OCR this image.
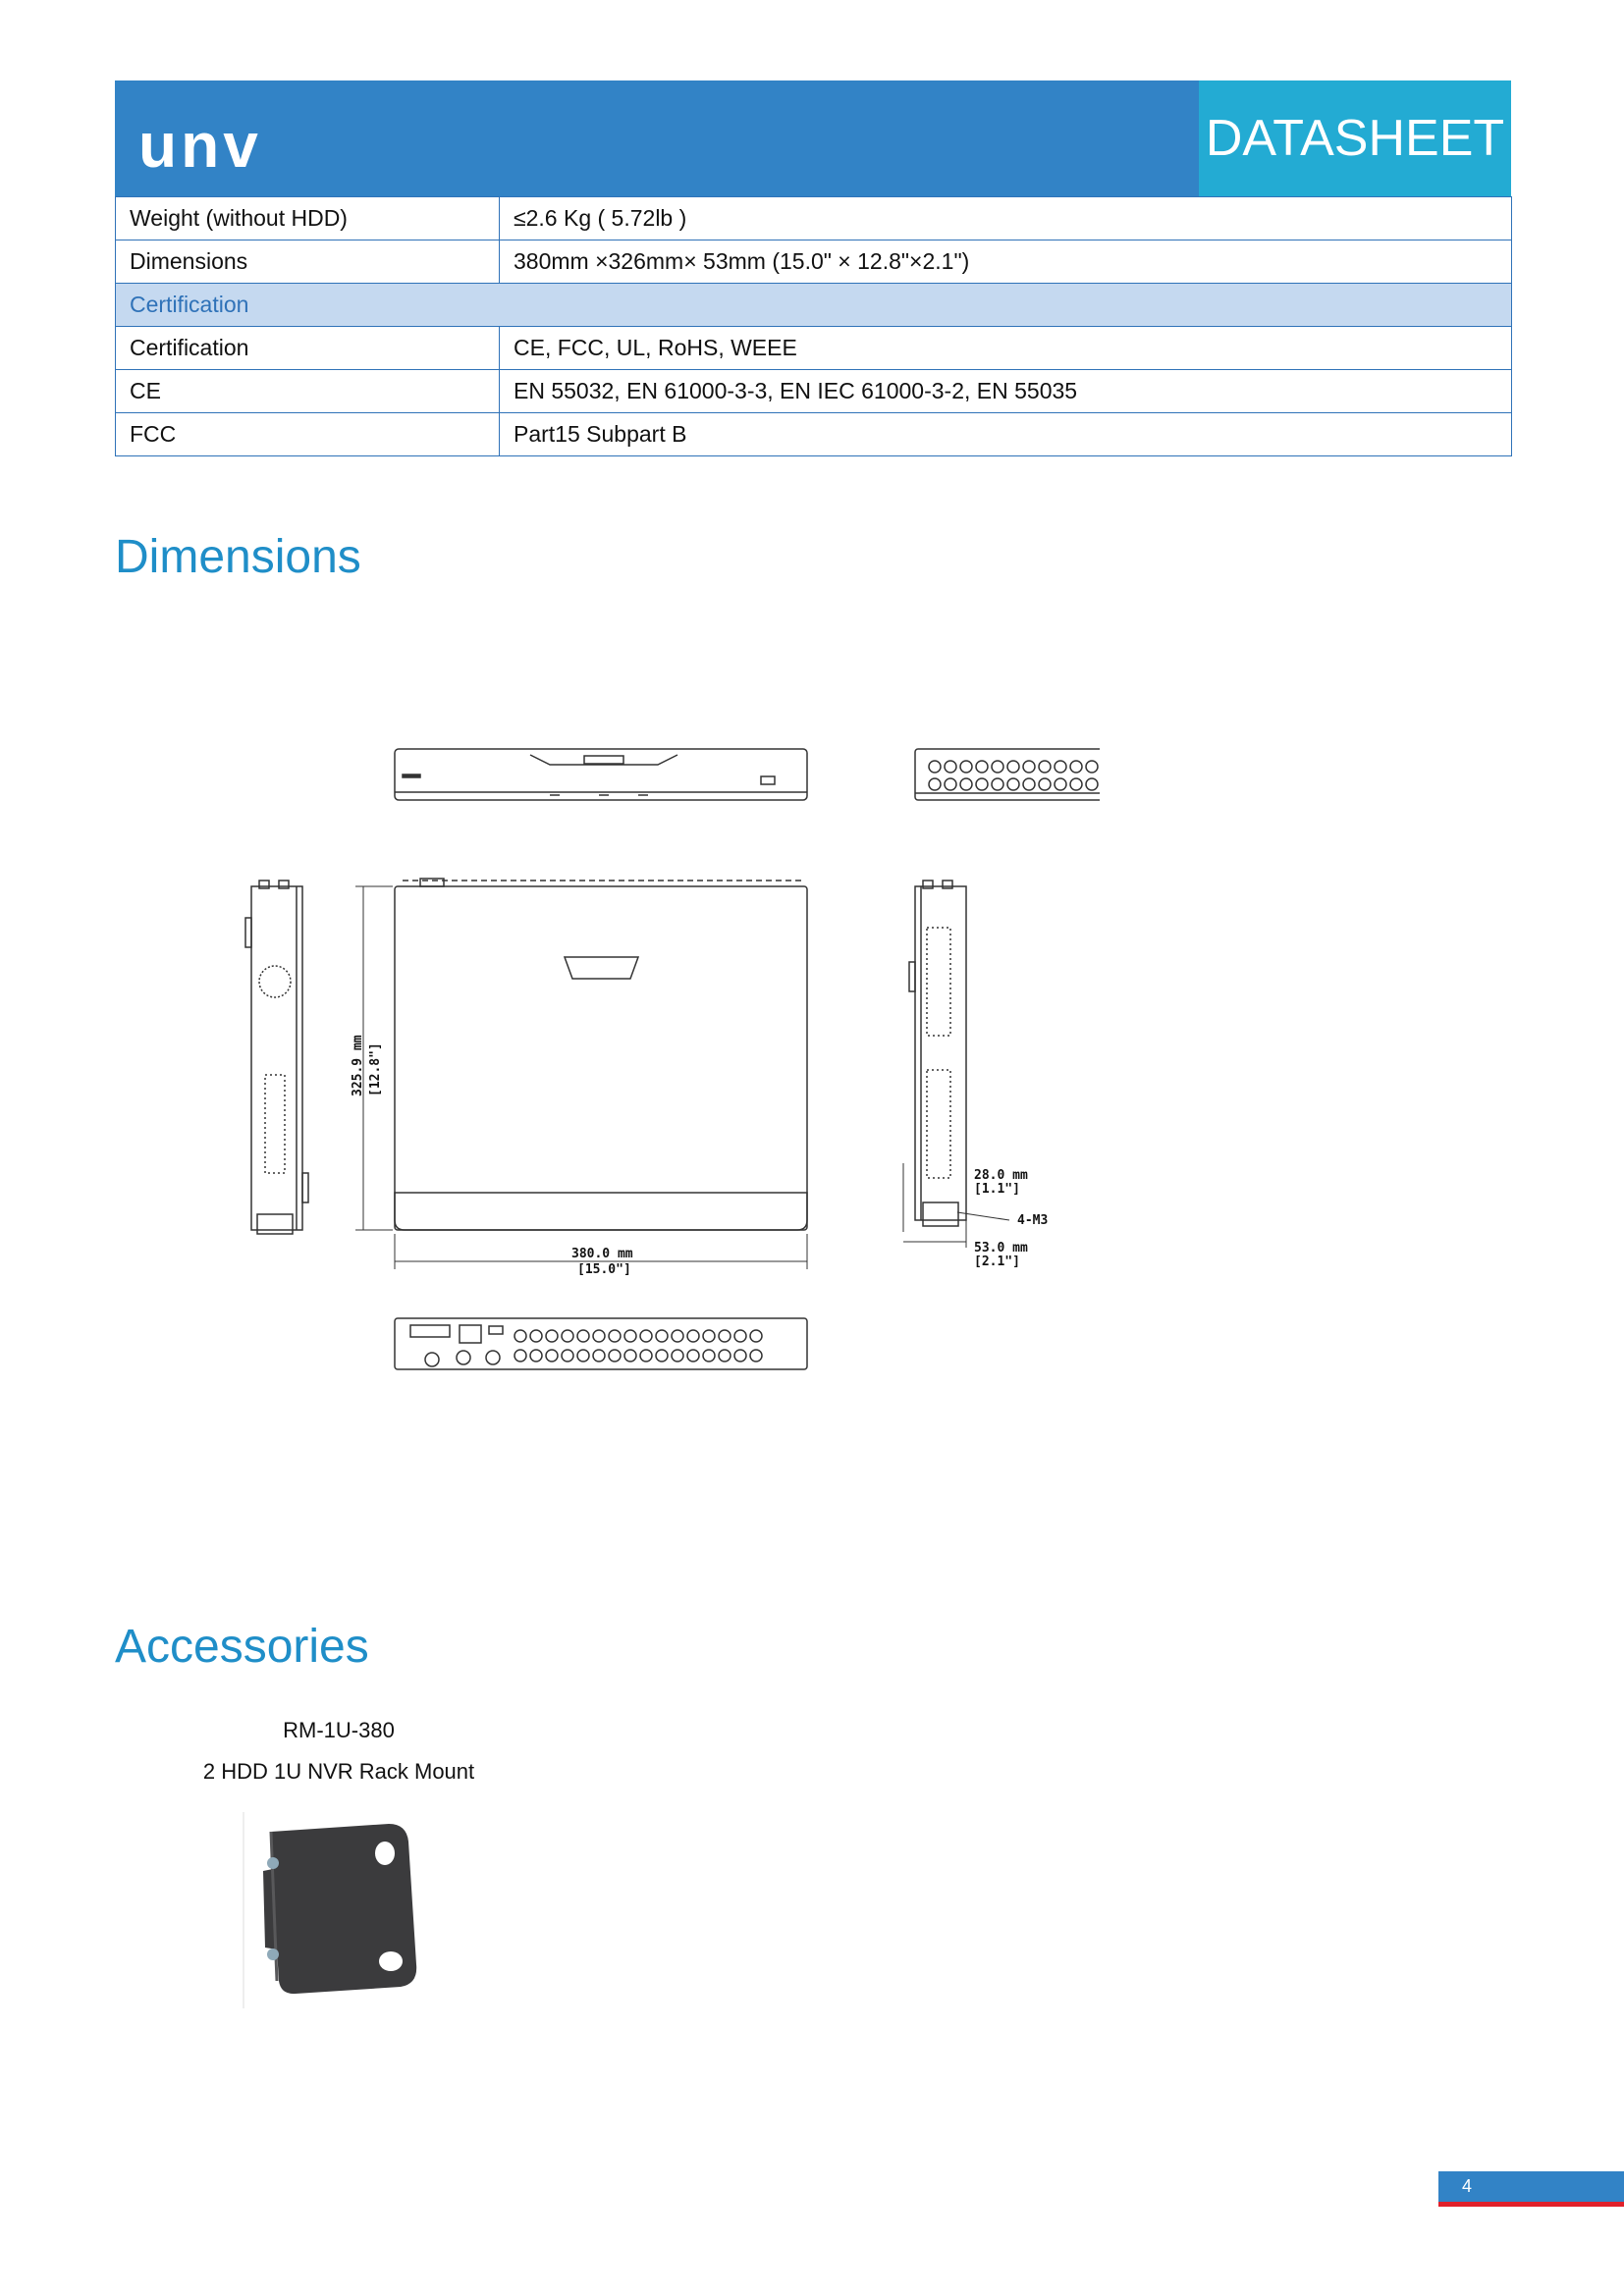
unv	DATASHEET
Weight (without HDD)	≤2.6 Kg ( 5.72lb )
Dimensions	380mm ×326mm× 53mm (15.0" × 12.8"×2.1")
Certification	
Certification	CE, FCC, UL, RoHS, WEEE
CE	EN 55032, EN 61000-3-3, EN IEC 61000-3-2, EN 55035
FCC	Part15 Subpart B
Dimensions
325.9 mm [12.8"]
380.0 mm
[15.0"]
28.0 mm
[1.1"]
4-M3
53.0 mm
[2.1"]
Accessories
RM-1U-380
2 HDD 1U NVR Rack Mount
4
